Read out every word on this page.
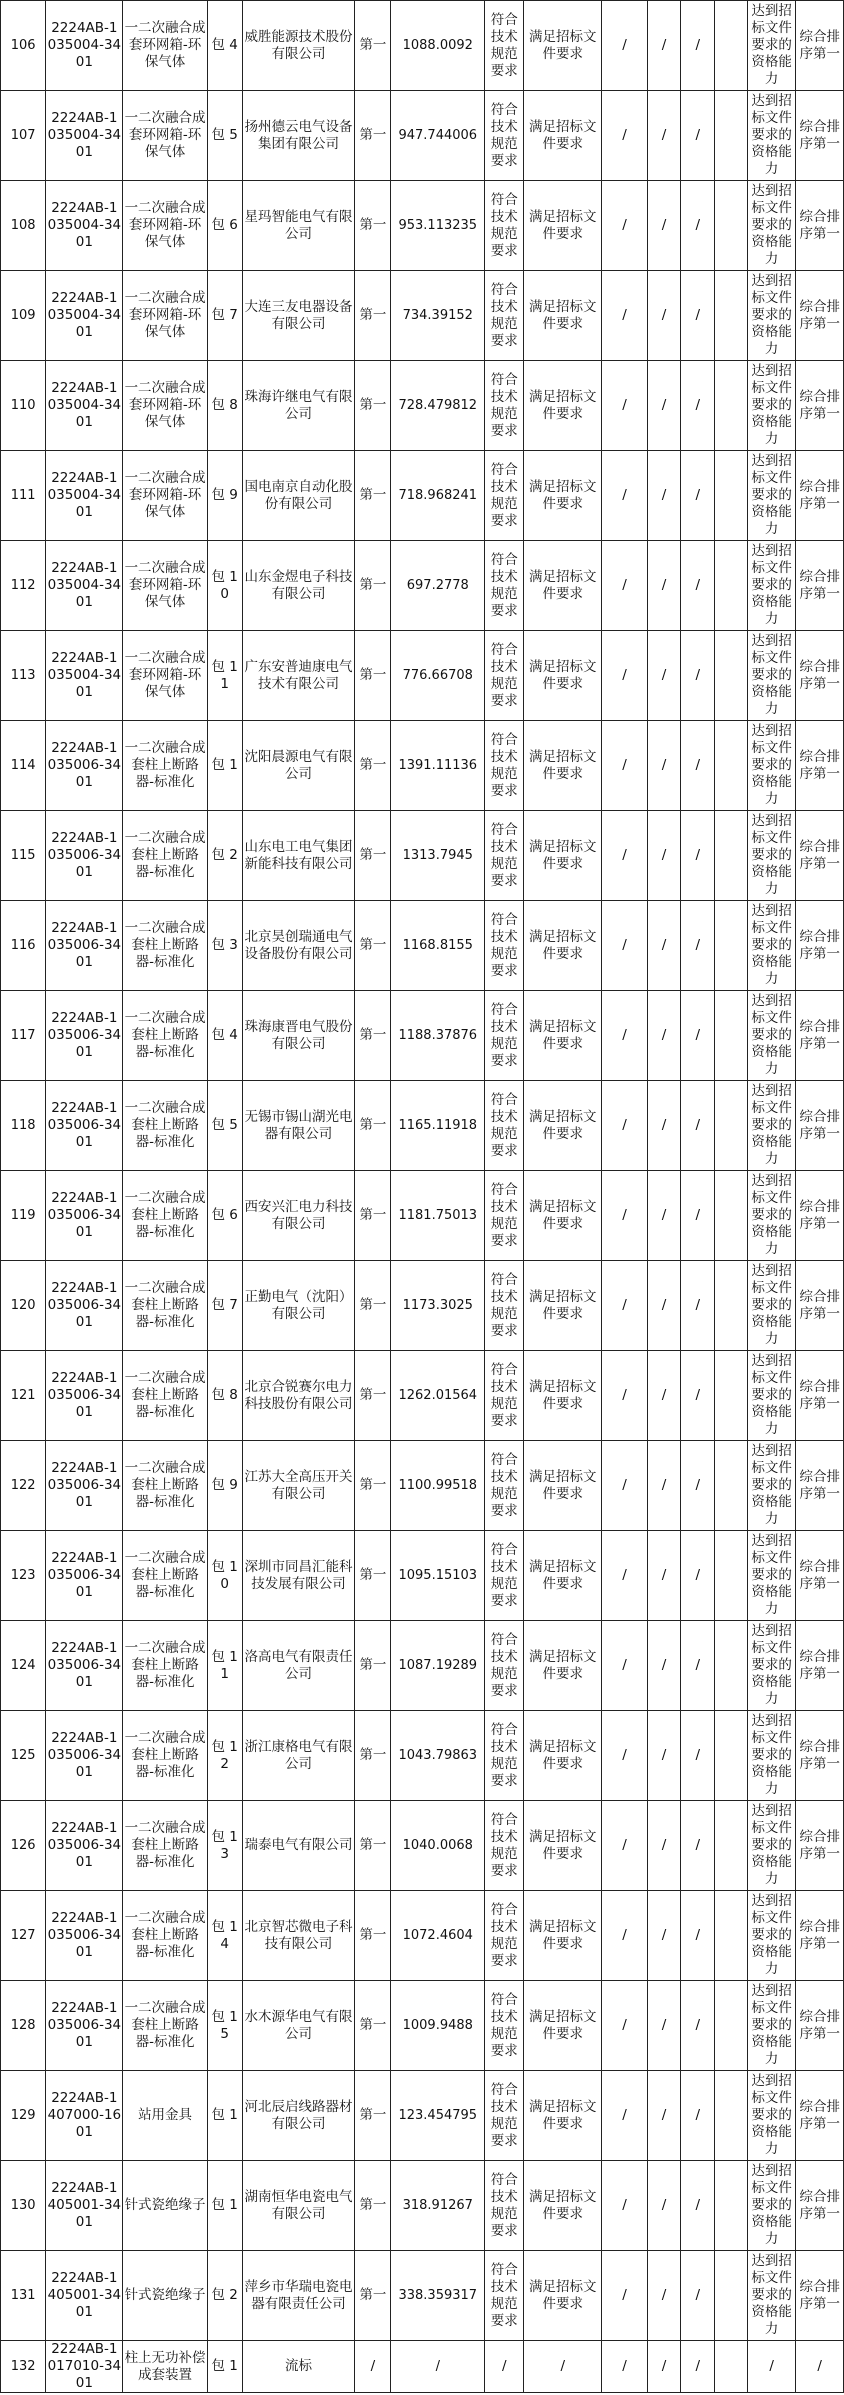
106	2224AB-1035004-3401	一二次融合成套环网箱-环保气体	包 4	威胜能源技术股份有限公司	第一	1088.0092	符合技术规范要求	满足招标文件要求	/	/	/		达到招标文件要求的资格能力	综合排序第一
107	2224AB-1035004-3401	一二次融合成套环网箱-环保气体	包 5	扬州德云电气设备集团有限公司	第一	947.744006	符合技术规范要求	满足招标文件要求	/	/	/		达到招标文件要求的资格能力	综合排序第一
108	2224AB-1035004-3401	一二次融合成套环网箱-环保气体	包 6	星玛智能电气有限公司	第一	953.113235	符合技术规范要求	满足招标文件要求	/	/	/		达到招标文件要求的资格能力	综合排序第一
109	2224AB-1035004-3401	一二次融合成套环网箱-环保气体	包 7	大连三友电器设备有限公司	第一	734.39152	符合技术规范要求	满足招标文件要求	/	/	/		达到招标文件要求的资格能力	综合排序第一
110	2224AB-1035004-3401	一二次融合成套环网箱-环保气体	包 8	珠海许继电气有限公司	第一	728.479812	符合技术规范要求	满足招标文件要求	/	/	/		达到招标文件要求的资格能力	综合排序第一
111	2224AB-1035004-3401	一二次融合成套环网箱-环保气体	包 9	国电南京自动化股份有限公司	第一	718.968241	符合技术规范要求	满足招标文件要求	/	/	/		达到招标文件要求的资格能力	综合排序第一
112	2224AB-1035004-3401	一二次融合成套环网箱-环保气体	包 10	山东金煜电子科技有限公司	第一	697.2778	符合技术规范要求	满足招标文件要求	/	/	/		达到招标文件要求的资格能力	综合排序第一
113	2224AB-1035004-3401	一二次融合成套环网箱-环保气体	包 11	广东安普迪康电气技术有限公司	第一	776.66708	符合技术规范要求	满足招标文件要求	/	/	/		达到招标文件要求的资格能力	综合排序第一
114	2224AB-1035006-3401	一二次融合成套柱上断路器-标准化	包 1	沈阳晨源电气有限公司	第一	1391.11136	符合技术规范要求	满足招标文件要求	/	/	/		达到招标文件要求的资格能力	综合排序第一
115	2224AB-1035006-3401	一二次融合成套柱上断路器-标准化	包 2	山东电工电气集团新能科技有限公司	第一	1313.7945	符合技术规范要求	满足招标文件要求	/	/	/		达到招标文件要求的资格能力	综合排序第一
116	2224AB-1035006-3401	一二次融合成套柱上断路器-标准化	包 3	北京昊创瑞通电气设备股份有限公司	第一	1168.8155	符合技术规范要求	满足招标文件要求	/	/	/		达到招标文件要求的资格能力	综合排序第一
117	2224AB-1035006-3401	一二次融合成套柱上断路器-标准化	包 4	珠海康晋电气股份有限公司	第一	1188.37876	符合技术规范要求	满足招标文件要求	/	/	/		达到招标文件要求的资格能力	综合排序第一
118	2224AB-1035006-3401	一二次融合成套柱上断路器-标准化	包 5	无锡市锡山湖光电器有限公司	第一	1165.11918	符合技术规范要求	满足招标文件要求	/	/	/		达到招标文件要求的资格能力	综合排序第一
119	2224AB-1035006-3401	一二次融合成套柱上断路器-标准化	包 6	西安兴汇电力科技有限公司	第一	1181.75013	符合技术规范要求	满足招标文件要求	/	/	/		达到招标文件要求的资格能力	综合排序第一
120	2224AB-1035006-3401	一二次融合成套柱上断路器-标准化	包 7	正勤电气（沈阳）有限公司	第一	1173.3025	符合技术规范要求	满足招标文件要求	/	/	/		达到招标文件要求的资格能力	综合排序第一
121	2224AB-1035006-3401	一二次融合成套柱上断路器-标准化	包 8	北京合锐赛尔电力科技股份有限公司	第一	1262.01564	符合技术规范要求	满足招标文件要求	/	/	/		达到招标文件要求的资格能力	综合排序第一
122	2224AB-1035006-3401	一二次融合成套柱上断路器-标准化	包 9	江苏大全高压开关有限公司	第一	1100.99518	符合技术规范要求	满足招标文件要求	/	/	/		达到招标文件要求的资格能力	综合排序第一
123	2224AB-1035006-3401	一二次融合成套柱上断路器-标准化	包 10	深圳市同昌汇能科技发展有限公司	第一	1095.15103	符合技术规范要求	满足招标文件要求	/	/	/		达到招标文件要求的资格能力	综合排序第一
124	2224AB-1035006-3401	一二次融合成套柱上断路器-标准化	包 11	洛高电气有限责任公司	第一	1087.19289	符合技术规范要求	满足招标文件要求	/	/	/		达到招标文件要求的资格能力	综合排序第一
125	2224AB-1035006-3401	一二次融合成套柱上断路器-标准化	包 12	浙江康格电气有限公司	第一	1043.79863	符合技术规范要求	满足招标文件要求	/	/	/		达到招标文件要求的资格能力	综合排序第一
126	2224AB-1035006-3401	一二次融合成套柱上断路器-标准化	包 13	瑞泰电气有限公司	第一	1040.0068	符合技术规范要求	满足招标文件要求	/	/	/		达到招标文件要求的资格能力	综合排序第一
127	2224AB-1035006-3401	一二次融合成套柱上断路器-标准化	包 14	北京智芯微电子科技有限公司	第一	1072.4604	符合技术规范要求	满足招标文件要求	/	/	/		达到招标文件要求的资格能力	综合排序第一
128	2224AB-1035006-3401	一二次融合成套柱上断路器-标准化	包 15	水木源华电气有限公司	第一	1009.9488	符合技术规范要求	满足招标文件要求	/	/	/		达到招标文件要求的资格能力	综合排序第一
129	2224AB-1407000-1601	站用金具	包 1	河北辰启线路器材有限公司	第一	123.454795	符合技术规范要求	满足招标文件要求	/	/	/		达到招标文件要求的资格能力	综合排序第一
130	2224AB-1405001-3401	针式瓷绝缘子	包 1	湖南恒华电瓷电气有限公司	第一	318.91267	符合技术规范要求	满足招标文件要求	/	/	/		达到招标文件要求的资格能力	综合排序第一
131	2224AB-1405001-3401	针式瓷绝缘子	包 2	萍乡市华瑞电瓷电器有限责任公司	第一	338.359317	符合技术规范要求	满足招标文件要求	/	/	/		达到招标文件要求的资格能力	综合排序第一
132	2224AB-1017010-3401	柱上无功补偿成套装置	包 1	流标	/	/	/	/	/	/	/		/	/
